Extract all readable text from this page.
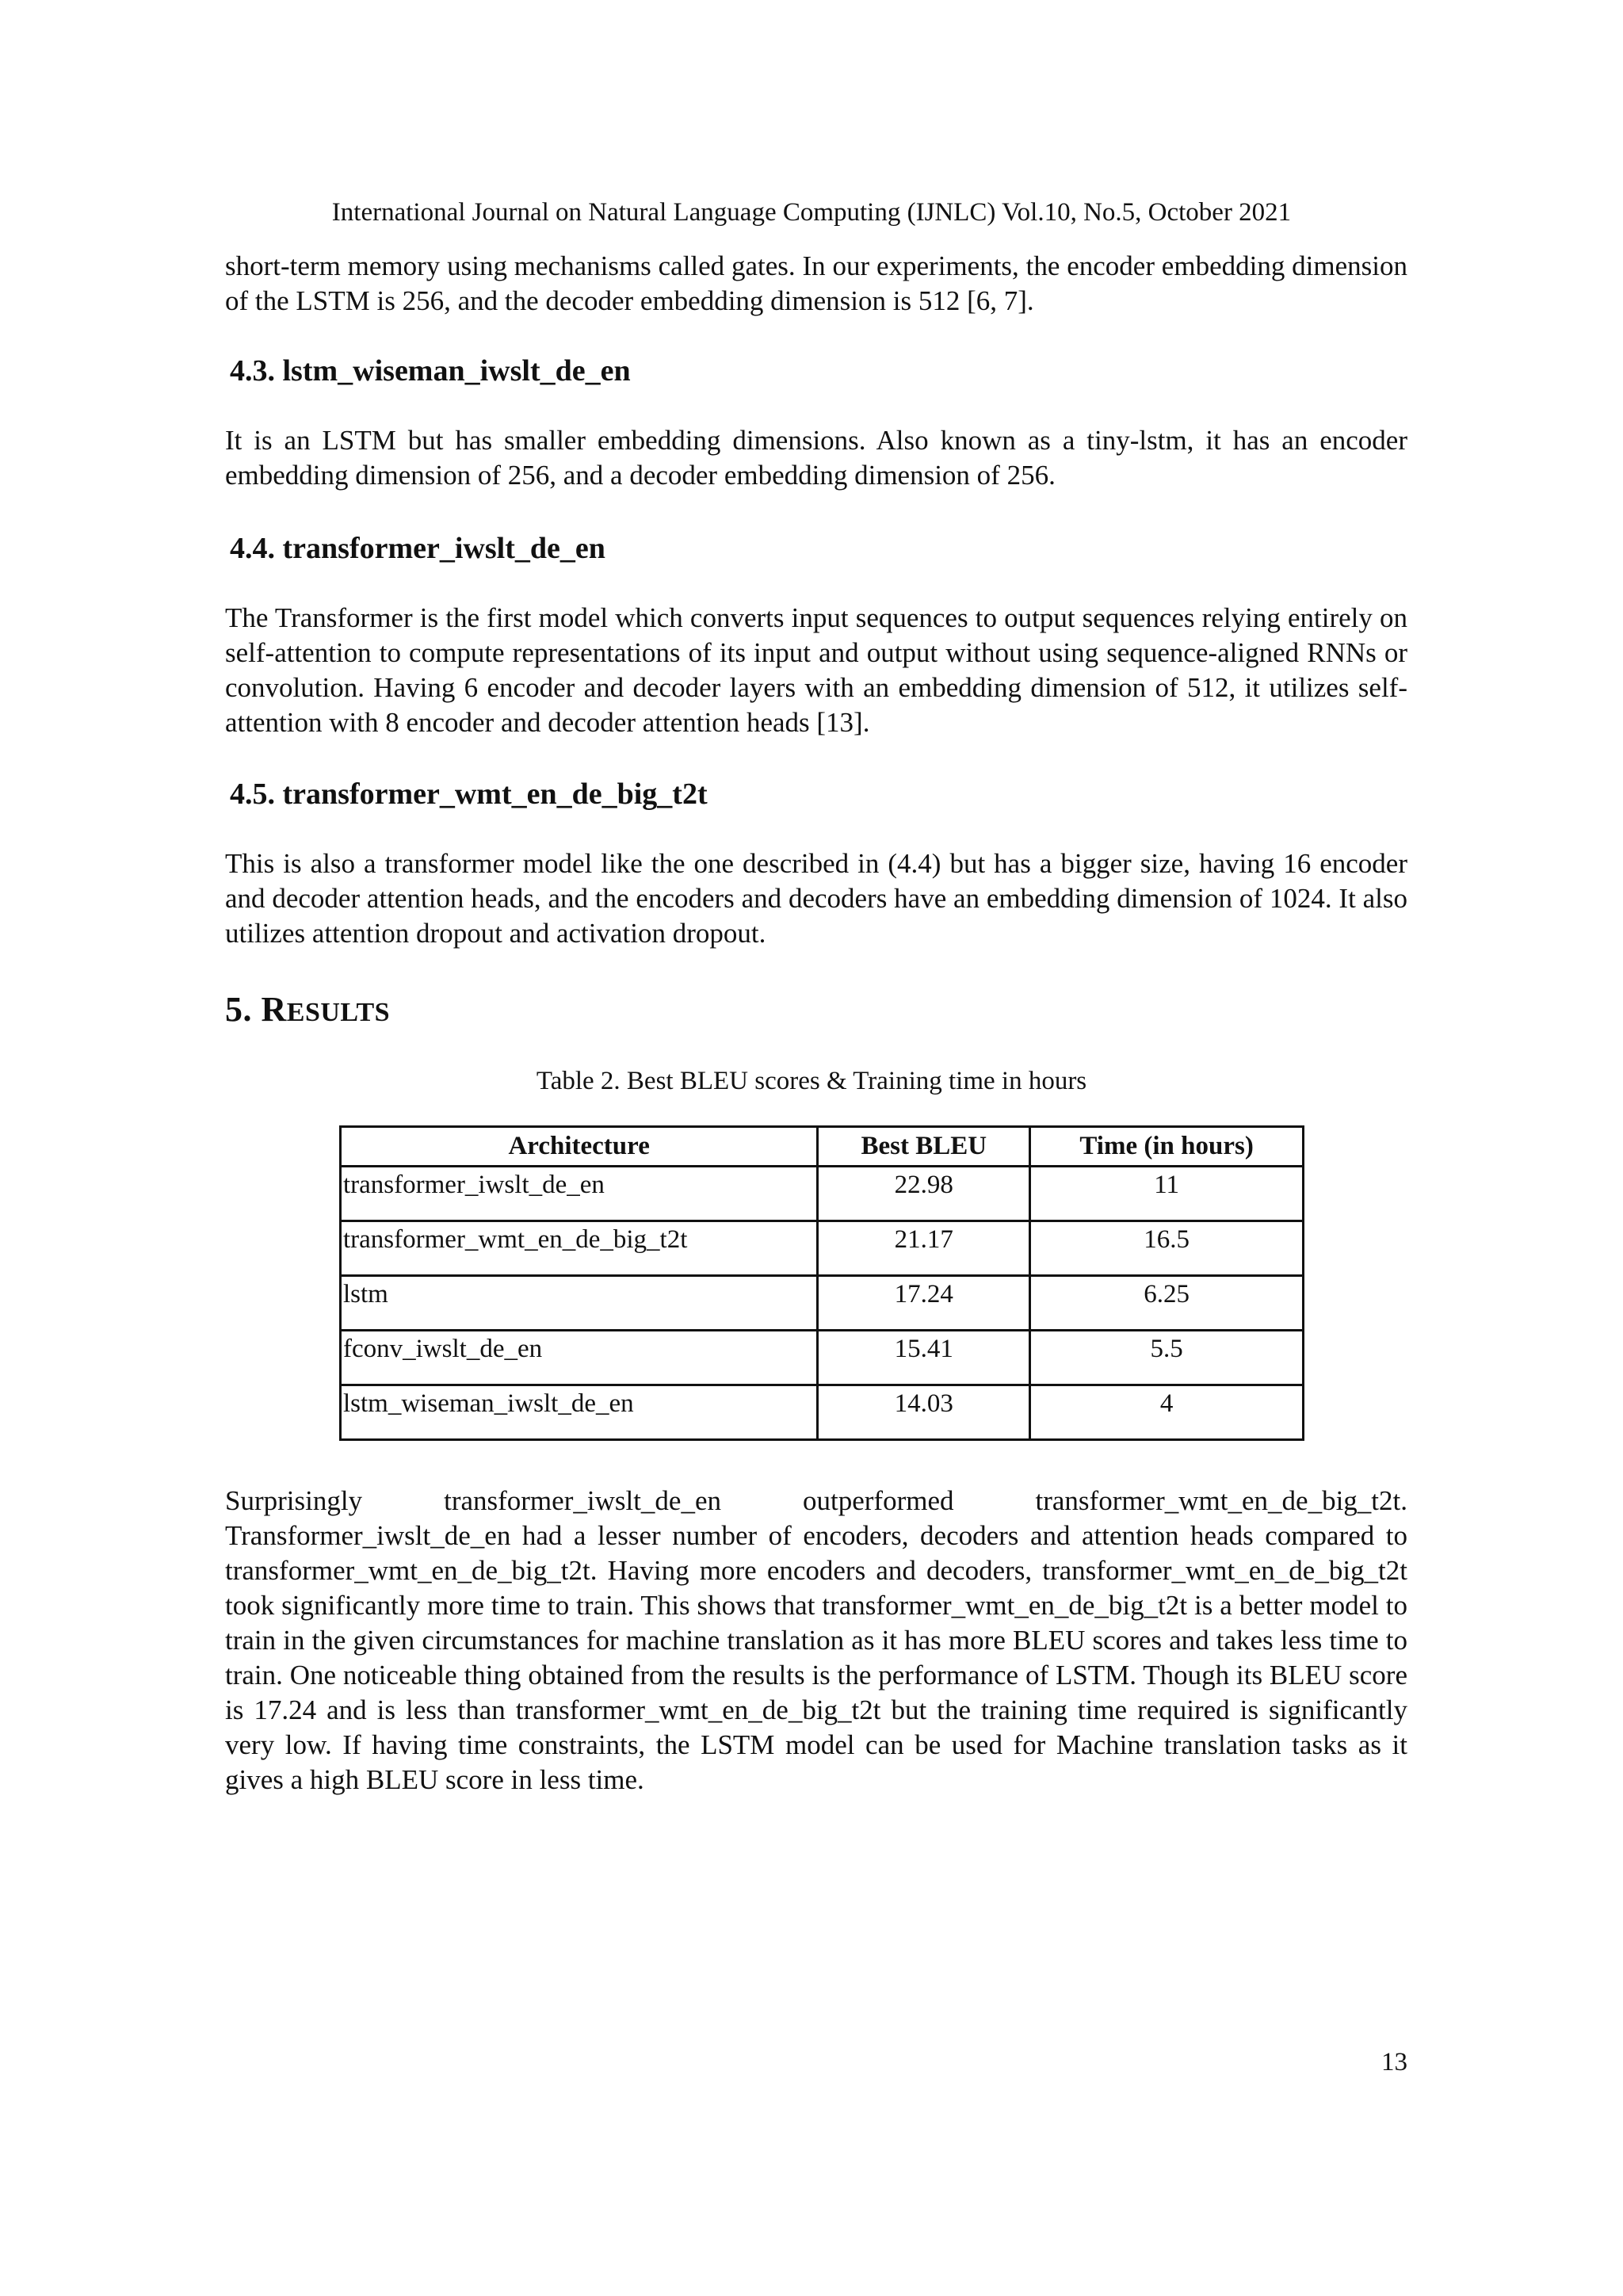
International Journal on Natural Language Computing (IJNLC) Vol.10, No.5, October 2021

short-term memory using mechanisms called gates. In our experiments, the encoder embedding dimension of the LSTM is 256, and the decoder embedding dimension is 512 [6, 7].

4.3. lstm_wiseman_iwslt_de_en

It is an LSTM but has smaller embedding dimensions. Also known as a tiny-lstm, it has an encoder embedding dimension of 256, and a decoder embedding dimension of 256.

4.4. transformer_iwslt_de_en

The Transformer is the first model which converts input sequences to output sequences relying entirely on self-attention to compute representations of its input and output without using sequence-aligned RNNs or convolution. Having 6 encoder and decoder layers with an embedding dimension of 512, it utilizes self-attention with 8 encoder and decoder attention heads [13].

4.5. transformer_wmt_en_de_big_t2t

This is also a transformer model like the one described in (4.4) but has a bigger size, having 16 encoder and decoder attention heads, and the encoders and decoders have an embedding dimension of 1024. It also utilizes attention dropout and activation dropout.

5. RESULTS
Table 2. Best BLEU scores & Training time in hours
Architecture	Best BLEU	Time (in hours)
transformer_iwslt_de_en	22.98	11
transformer_wmt_en_de_big_t2t	21.17	16.5
lstm	17.24	6.25
fconv_iwslt_de_en	15.41	5.5
lstm_wiseman_iwslt_de_en	14.03	4

Surprisingly transformer_iwslt_de_en outperformed transformer_wmt_en_de_big_t2t. Transformer_iwslt_de_en had a lesser number of encoders, decoders and attention heads compared to transformer_wmt_en_de_big_t2t. Having more encoders and decoders, transformer_wmt_en_de_big_t2t took significantly more time to train. This shows that transformer_wmt_en_de_big_t2t is a better model to train in the given circumstances for machine translation as it has more BLEU scores and takes less time to train. One noticeable thing obtained from the results is the performance of LSTM. Though its BLEU score is 17.24 and is less than transformer_wmt_en_de_big_t2t but the training time required is significantly very low. If having time constraints, the LSTM model can be used for Machine translation tasks as it gives a high BLEU score in less time.

13
